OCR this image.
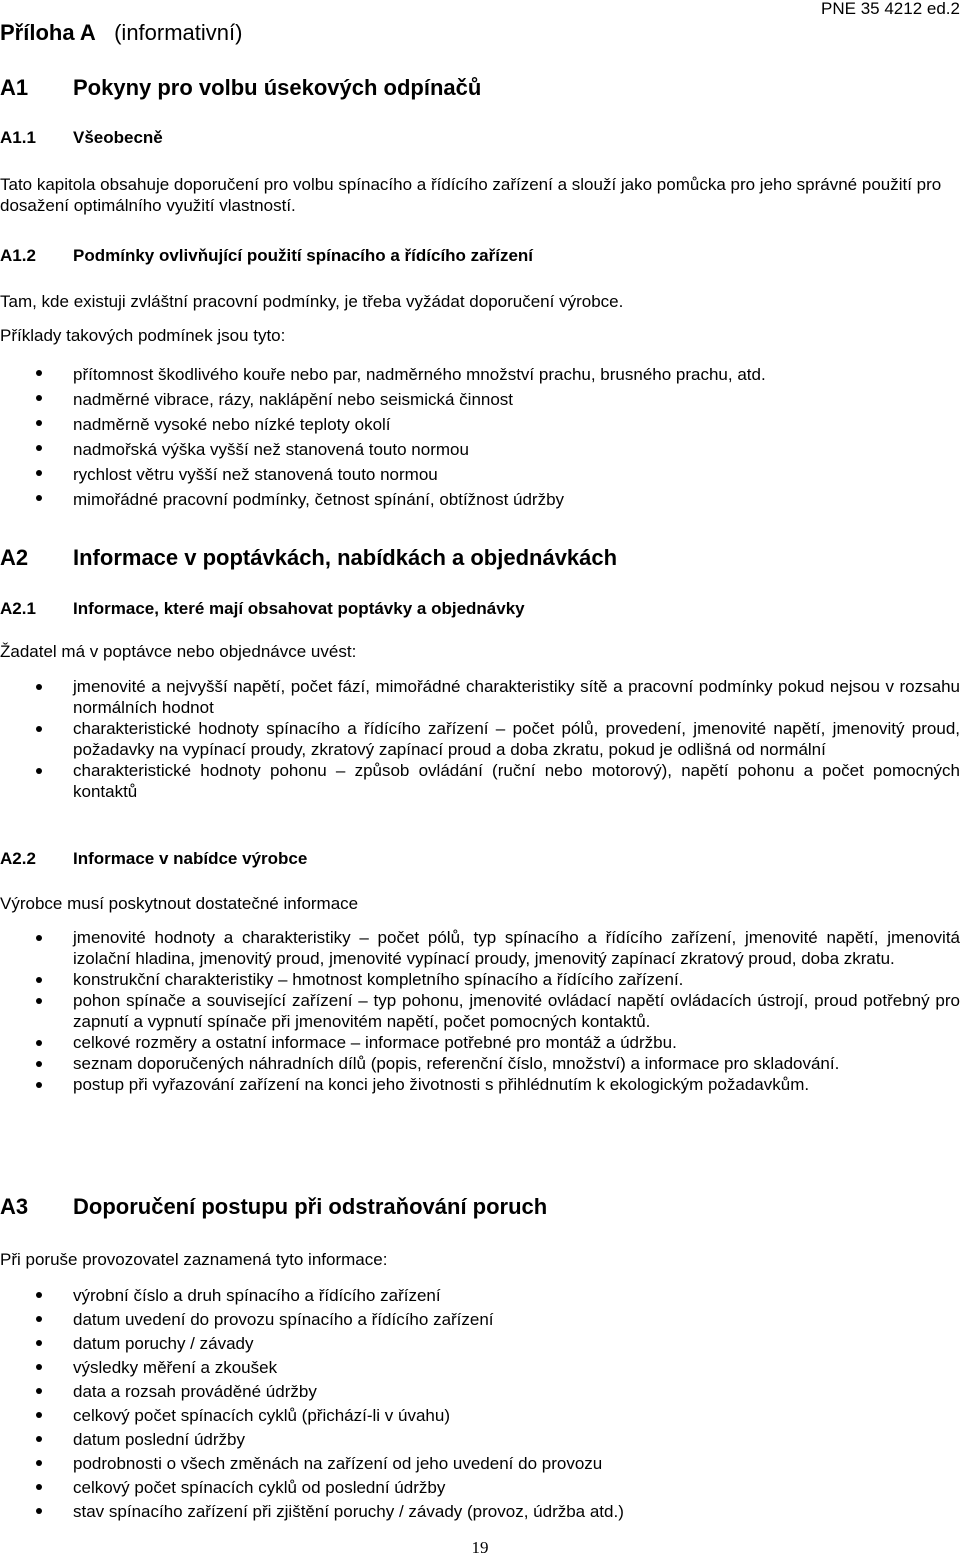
Příloha A (informativní)
PNE 35 4212 ed.2
A1 Pokyny pro volbu úsekových odpínačů
A1.1 Všeobecně
Tato kapitola obsahuje doporučení pro volbu spínacího a řídícího zařízení a slouží jako pomůcka pro jeho správné použití pro dosažení optimálního využití vlastností.
A1.2 Podmínky ovlivňující použití spínacího a řídícího zařízení
Tam, kde existuji zvláštní pracovní podmínky, je třeba vyžádat doporučení výrobce.
Příklady takových podmínek jsou tyto:
přítomnost škodlivého kouře nebo par, nadměrného množství prachu, brusného prachu, atd.
nadměrné vibrace, rázy, naklápění nebo seismická činnost
nadměrně vysoké nebo nízké teploty okolí
nadmořská výška vyšší než stanovená touto normou
rychlost větru vyšší než stanovená touto normou
mimořádné pracovní podmínky, četnost spínání, obtížnost údržby
A2 Informace v poptávkách, nabídkách a objednávkách
A2.1 Informace, které mají obsahovat poptávky a objednávky
Žadatel má v poptávce nebo objednávce uvést:
jmenovité a nejvyšší napětí, počet fází, mimořádné charakteristiky sítě a pracovní podmínky pokud nejsou v rozsahu normálních hodnot
charakteristické hodnoty spínacího a řídícího zařízení – počet pólů, provedení, jmenovité napětí, jmenovitý proud, požadavky na vypínací proudy, zkratový zapínací proud a doba zkratu, pokud je odlišná od normální
charakteristické hodnoty pohonu – způsob ovládání (ruční nebo motorový), napětí pohonu a počet pomocných kontaktů
A2.2 Informace v nabídce výrobce
Výrobce musí poskytnout dostatečné informace
jmenovité hodnoty a charakteristiky – počet pólů, typ spínacího a řídícího zařízení, jmenovité napětí, jmenovitá izolační hladina, jmenovitý proud, jmenovité vypínací proudy, jmenovitý zapínací zkratový proud, doba zkratu.
konstrukční charakteristiky – hmotnost kompletního spínacího a řídícího zařízení.
pohon spínače a související zařízení – typ pohonu, jmenovité ovládací napětí ovládacích ústrojí, proud potřebný pro zapnutí a vypnutí spínače při jmenovitém napětí, počet pomocných kontaktů.
celkové rozměry a ostatní informace – informace potřebné pro montáž a údržbu.
seznam doporučených náhradních dílů (popis, referenční číslo, množství) a informace pro skladování.
postup při vyřazování zařízení na konci jeho životnosti s přihlédnutím k ekologickým požadavkům.
A3 Doporučení postupu při odstraňování poruch
Při poruše provozovatel zaznamená tyto informace:
výrobní číslo a druh spínacího a řídícího zařízení
datum uvedení do provozu spínacího a řídícího zařízení
datum poruchy / závady
výsledky měření a zkoušek
data a rozsah prováděné údržby
celkový počet spínacích cyklů (přichází-li v úvahu)
datum poslední údržby
podrobnosti o všech změnách na zařízení od jeho uvedení do provozu
celkový počet spínacích cyklů od poslední údržby
stav spínacího zařízení při zjištění poruchy / závady (provoz, údržba atd.)
19
